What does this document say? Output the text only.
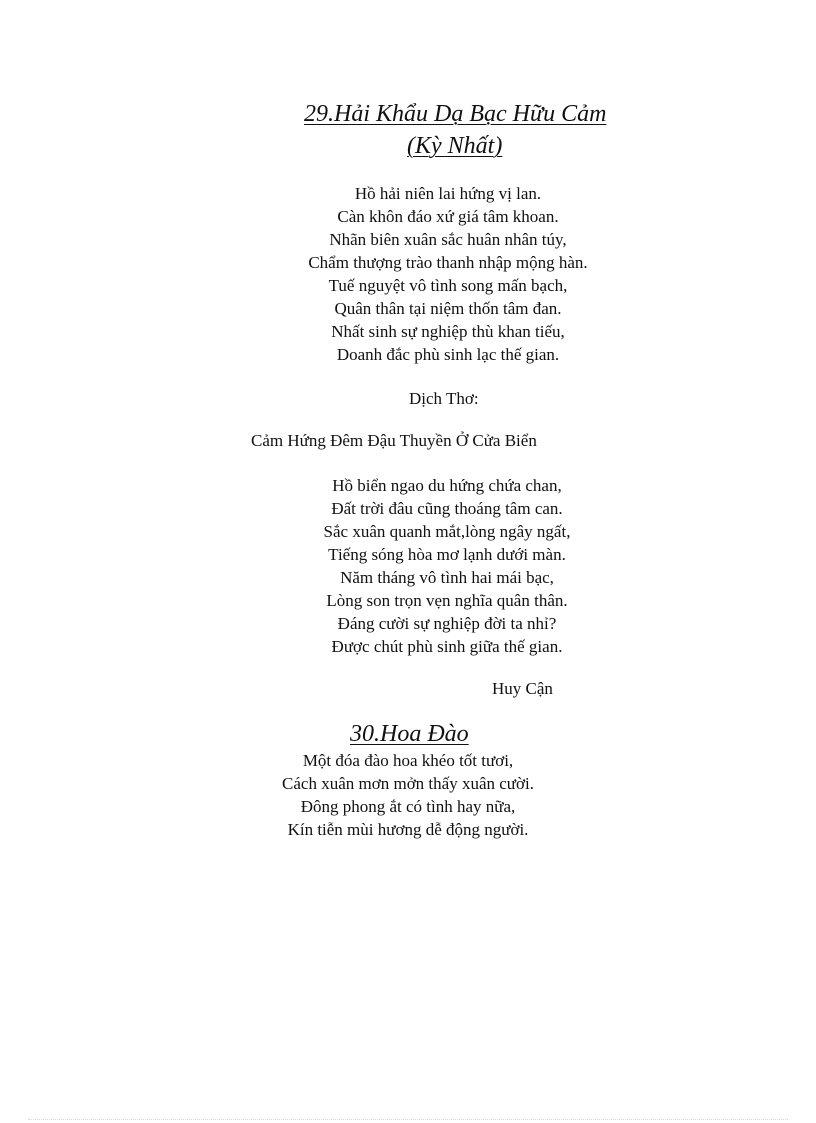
29.Hải Khẩu Dạ Bạc Hữu Cảm
(Kỳ Nhất)
Hồ hải niên lai hứng vị lan.
Càn khôn đáo xứ giá tâm khoan.
Nhãn biên xuân sắc huân nhân túy,
Chẩm thượng trào thanh nhập mộng hàn.
Tuế nguyệt vô tình song mấn bạch,
Quân thân tại niệm thốn tâm đan.
Nhất sinh sự nghiệp thù khan tiếu,
Doanh đắc phù sinh lạc thế gian.
Dịch Thơ:
Cảm Hứng Đêm Đậu Thuyền Ở Cửa Biển
Hồ biển ngao du hứng chứa chan,
Đất trời đâu cũng thoáng tâm can.
Sắc xuân quanh mắt,lòng ngây ngất,
Tiếng sóng hòa mơ lạnh dưới màn.
Năm tháng vô tình hai mái bạc,
Lòng son trọn vẹn nghĩa quân thân.
Đáng cười sự nghiệp đời ta nhỉ?
Được chút phù sinh giữa thế gian.
Huy Cận
30.Hoa Đào
Một đóa đào hoa khéo tốt tươi,
Cách xuân mơn mởn thấy xuân cười.
Đông phong ắt có tình hay nữa,
Kín tiễn mùi hương dễ động người.
